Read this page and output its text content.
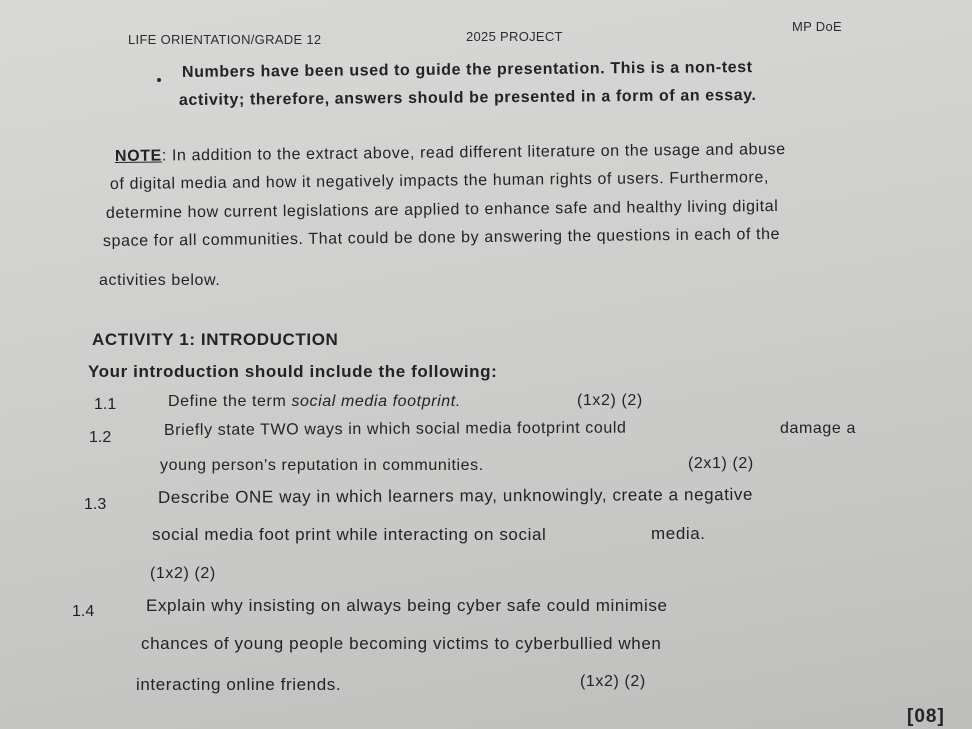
LIFE ORIENTATION/GRADE 12	2025 PROJECT
MP DoE
Numbers have been used to guide the presentation. This is a non-test
activity; therefore, answers should be presented in a form of an essay.
NOTE: In addition to the extract above, read different literature on the usage and abuse
of digital media and how it negatively impacts the human rights of users. Furthermore,
determine how current legislations are applied to enhance safe and healthy living digital
space for all communities. That could be done by answering the questions in each of the
activities below.
ACTIVITY 1: INTRODUCTION
Your introduction should include the following:
1.1	Define the term social media footprint.	(1x2) (2)
1.2	Briefly state TWO ways in which social media footprint could	damage a
young person's reputation in communities.	(2x1) (2)
1.3	Describe ONE way in which learners may, unknowingly, create a negative
social media foot print while interacting on social	media.
(1x2) (2)
1.4	Explain why insisting on always being cyber safe could minimise
chances of young people becoming victims to cyberbullied when
interacting online friends.	(1x2) (2)
[08]
